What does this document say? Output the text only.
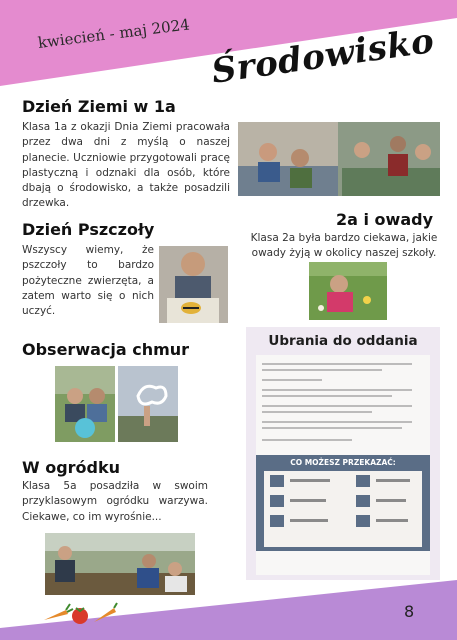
kwiecień - maj 2024 Środowisko
Dzień Ziemi w 1a

Klasa 1a z okazji Dnia Ziemi pracowała przez dwa dni z myślą o naszej planecie. Uczniowie przygotowali pracę plastyczną i odznaki dla osób, które dbają o środowisko, a także posadzili drzewka.

Dzień Pszczoły

Wszyscy wiemy, że pszczoły to bardzo pożyteczne zwierzęta, a zatem warto się o nich uczyć.

2a i owady

Klasa 2a była bardzo ciekawa, jakie owady żyją w okolicy naszej szkoły.

Obserwacja chmur
W ogródku

Klasa 5a posadziła w swoim przyklasowym ogródku warzywa. Ciekawe, co im wyrośnie...

Ubrania do oddania
CO MOŻESZ PRZEKAZAĆ:
8
